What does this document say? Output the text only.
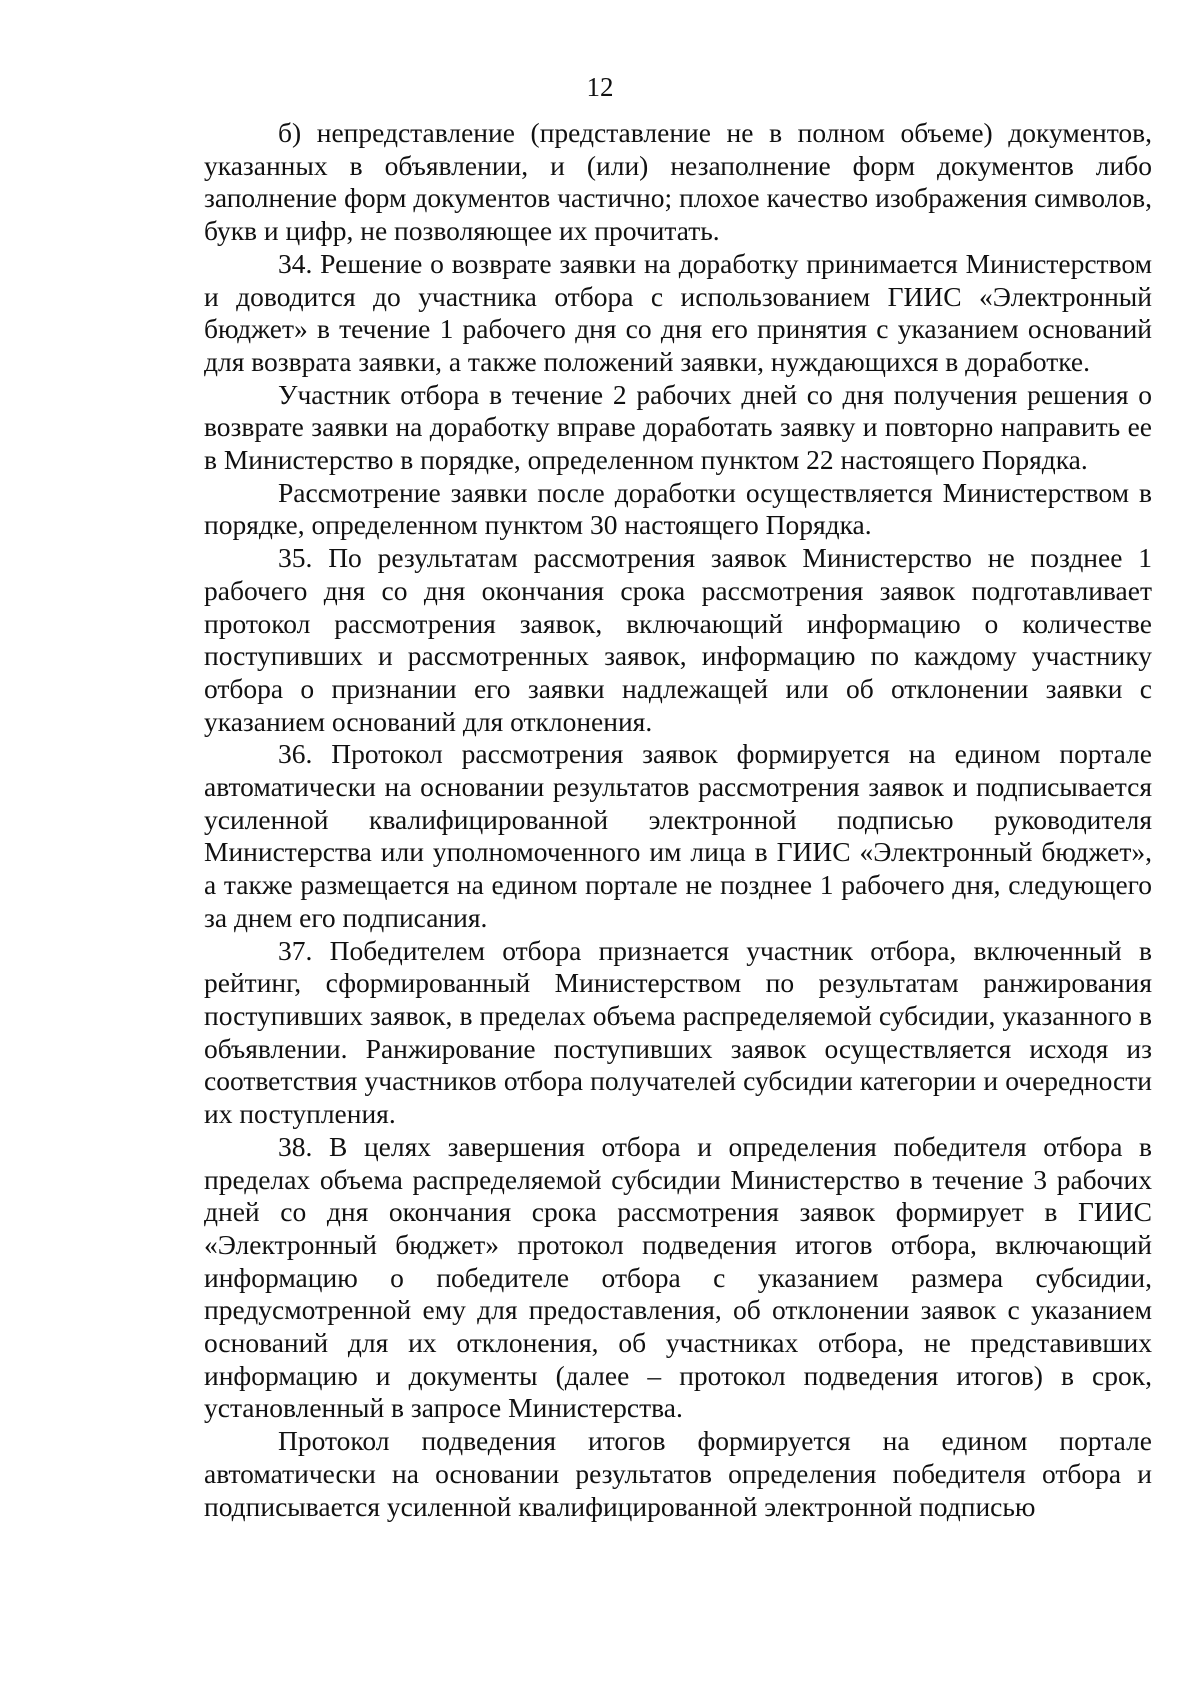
12

б) непредставление (представление не в полном объеме) документов, указанных в объявлении, и (или) незаполнение форм документов либо заполнение форм документов частично; плохое качество изображения символов, букв и цифр, не позволяющее их прочитать.

34. Решение о возврате заявки на доработку принимается Министерством и доводится до участника отбора с использованием ГИИС «Электронный бюджет» в течение 1 рабочего дня со дня его принятия с указанием оснований для возврата заявки, а также положений заявки, нуждающихся в доработке.

Участник отбора в течение 2 рабочих дней со дня получения решения о возврате заявки на доработку вправе доработать заявку и повторно направить ее в Министерство в порядке, определенном пунктом 22 настоящего Порядка.

Рассмотрение заявки после доработки осуществляется Министерством в порядке, определенном пунктом 30 настоящего Порядка.

35. По результатам рассмотрения заявок Министерство не позднее 1 рабочего дня со дня окончания срока рассмотрения заявок подготавливает протокол рассмотрения заявок, включающий информацию о количестве поступивших и рассмотренных заявок, информацию по каждому участнику отбора о признании его заявки надлежащей или об отклонении заявки с указанием оснований для отклонения.

36. Протокол рассмотрения заявок формируется на едином портале автоматически на основании результатов рассмотрения заявок и подписывается усиленной квалифицированной электронной подписью руководителя Министерства или уполномоченного им лица в ГИИС «Электронный бюджет», а также размещается на едином портале не позднее 1 рабочего дня, следующего за днем его подписания.

37. Победителем отбора признается участник отбора, включенный в рейтинг, сформированный Министерством по результатам ранжирования поступивших заявок, в пределах объема распределяемой субсидии, указанного в объявлении. Ранжирование поступивших заявок осуществляется исходя из соответствия участников отбора получателей субсидии категории и очередности их поступления.

38. В целях завершения отбора и определения победителя отбора в пределах объема распределяемой субсидии Министерство в течение 3 рабочих дней со дня окончания срока рассмотрения заявок формирует в ГИИС «Электронный бюджет» протокол подведения итогов отбора, включающий информацию о победителе отбора с указанием размера субсидии, предусмотренной ему для предоставления, об отклонении заявок с указанием оснований для их отклонения, об участниках отбора, не представивших информацию и документы (далее – протокол подведения итогов) в срок, установленный в запросе Министерства.

Протокол подведения итогов формируется на едином портале автоматически на основании результатов определения победителя отбора и подписывается усиленной квалифицированной электронной подписью
